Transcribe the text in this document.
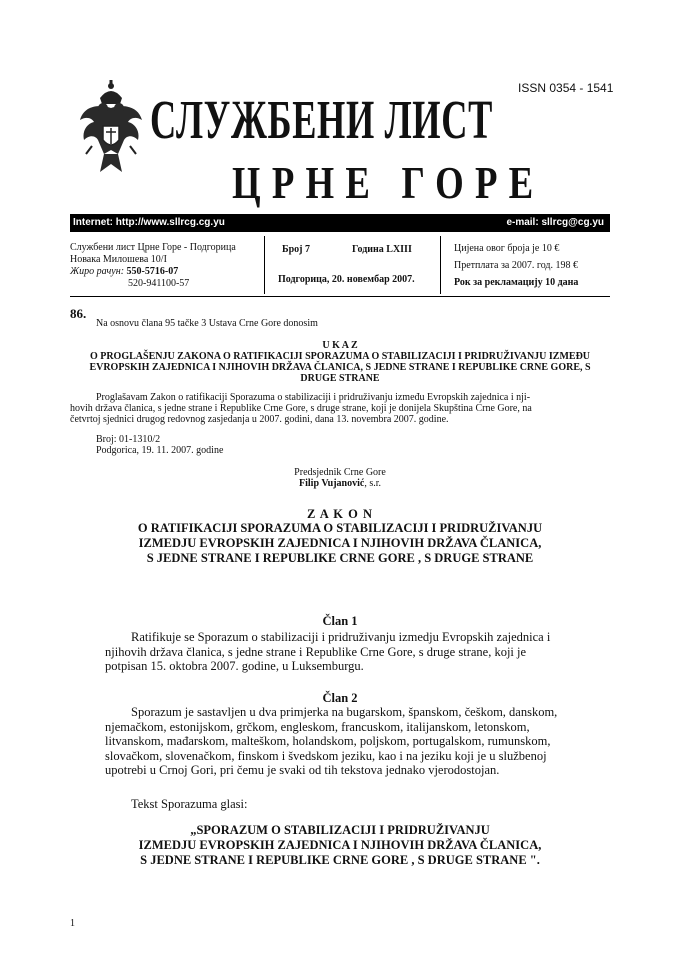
ISSN 0354 - 1541
СЛУЖБЕНИ ЛИСТ
ЦРНЕ ГОРЕ
Internet: http://www.sllrcg.cg.yu	e-mail: sllrcg@cg.yu
Службени лист Црне Горе - Подгорица
Новака Милошева 10/I
Жиро рачун: 550-5716-07
520-941100-57
Број 7	Година LXIII
Подгорица, 20. новембар 2007.
Цијена овог броја је 10 €
Претплата за 2007. год. 198 €
Рок за рекламацију 10 дана
86.
Na osnovu člana 95 tačke 3 Ustava Crne Gore donosim
U K A Z
O PROGLAŠENJU ZAKONA O RATIFIKACIJI SPORAZUMA O STABILIZACIJI I PRIDRUŽIVANJU IZMEĐU
EVROPSKIH ZAJEDNICA I NJIHOVIH DRŽAVA ČLANICA, S JEDNE STRANE I REPUBLIKE CRNE GORE, S
DRUGE STRANE
Proglašavam Zakon o ratifikaciji Sporazuma o stabilizaciji i pridruživanju između Evropskih zajednica i nji-
hovih država članica, s jedne strane i Republike Crne Gore, s druge strane, koji je donijela Skupština Crne Gore, na
četvrtoj sjednici drugog redovnog zasjedanja u 2007. godini, dana 13. novembra 2007. godine.
Broj: 01-1310/2
Podgorica, 19. 11. 2007. godine
Predsjednik Crne Gore
Filip Vujanović, s.r.
Z A K O N
O RATIFIKACIJI SPORAZUMA O STABILIZACIJI I PRIDRUŽIVANJU
IZMEDJU EVROPSKIH ZAJEDNICA I NJIHOVIH DRŽAVA ČLANICA,
S JEDNE STRANE I REPUBLIKE CRNE GORE , S DRUGE STRANE
Član 1
Ratifikuje se Sporazum o stabilizaciji i pridruživanju izmedju Evropskih zajednica i
njihovih država članica, s jedne strane i Republike Crne Gore, s druge strane, koji je
potpisan 15. oktobra 2007. godine, u Luksemburgu.
Član 2
Sporazum je sastavljen u dva primjerka na bugarskom, španskom, češkom, danskom,
njemačkom, estonijskom, grčkom, engleskom, francuskom, italijanskom, letonskom,
litvanskom, mađarskom, malteškom, holandskom, poljskom, portugalskom, rumunskom,
slovačkom, slovenačkom, finskom i švedskom jeziku, kao i na jeziku koji je u službenoj
upotrebi u Crnoj Gori, pri čemu je svaki od tih tekstova jednako vjerodostojan.
Tekst Sporazuma glasi:
„SPORAZUM O STABILIZACIJI I PRIDRUŽIVANJU
IZMEDJU EVROPSKIH ZAJEDNICA I NJIHOVIH DRŽAVA ČLANICA,
S JEDNE STRANE I REPUBLIKE CRNE GORE , S DRUGE STRANE ".
1
